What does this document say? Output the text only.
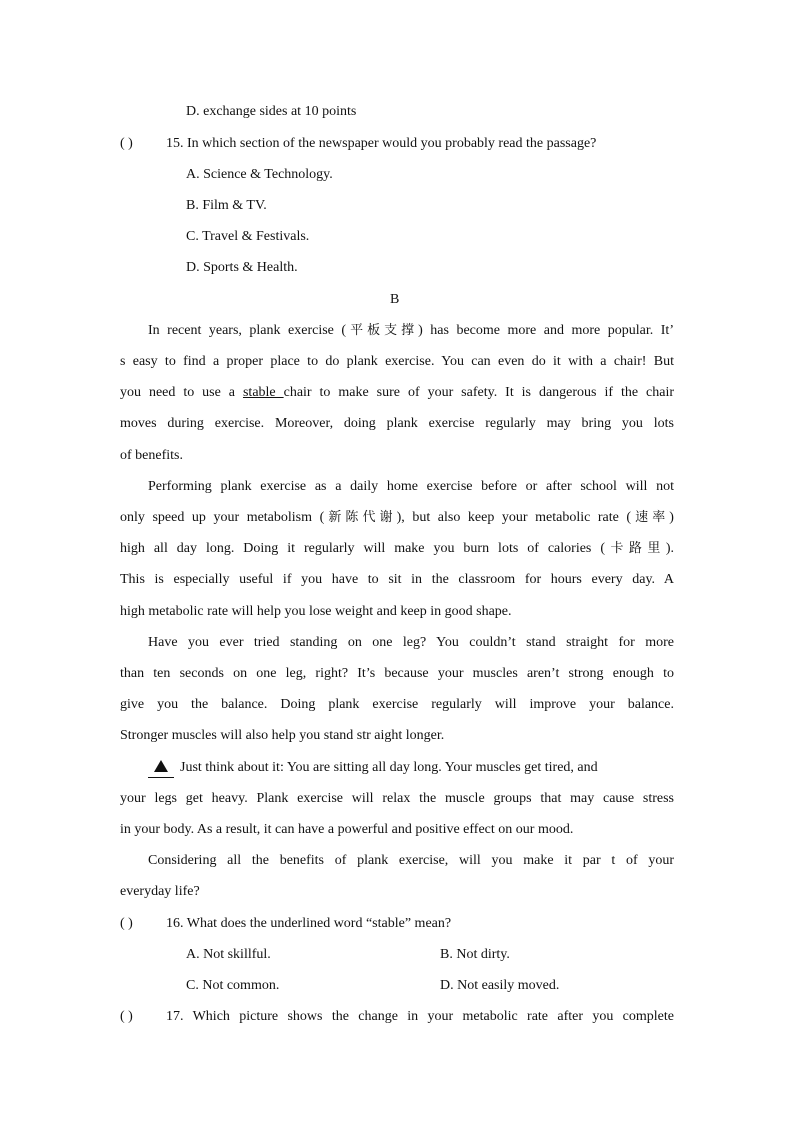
D. exchange sides at 10 points
( ) 15. In which section of the newspaper would you probably read the passage?
A. Science & Technology.
B. Film & TV.
C. Travel & Festivals.
D. Sports & Health.
B
In recent years, plank exercise (平板支撑) has become more and more popular. It’
s easy to find a proper place to do plank exercise. You can even do it with a chair! But
you need to use a stable chair to make sure of your safety. It is dangerous if the chair
moves during exercise. Moreover, doing plank exercise regularly may bring you lots
of benefits.
Performing plank exercise as a daily home exercise before or after school will not
only speed up your metabolism (新陈代谢), but also keep your metabolic rate (速率)
high all day long. Doing it regularly will make you burn lots of calories (卡路里).
This is especially useful if you have to sit in the classroom for hours every day. A
high metabolic rate will help you lose weight and keep in good shape.
Have you ever tried standing on one leg? You couldn’t stand straight for more
than ten seconds on one leg, right? It’s because your muscles aren’t strong enough to
give you the balance. Doing plank exercise regularly will improve your balance.
Stronger muscles will also help you stand str aight longer.
Just think about it: You are sitting all day long. Your muscles get tired, and
your legs get heavy. Plank exercise will relax the muscle groups that may cause stress
in your body. As a result, it can have a powerful and positive effect on our mood.
Considering all the benefits of plank exercise, will you make it par t of your
everyday life?
( ) 16. What does the underlined word “stable” mean?
A. Not skillful.	B. Not dirty.
C. Not common.	D. Not easily moved.
( ) 17. Which picture shows the change in your metabolic rate after you complete
